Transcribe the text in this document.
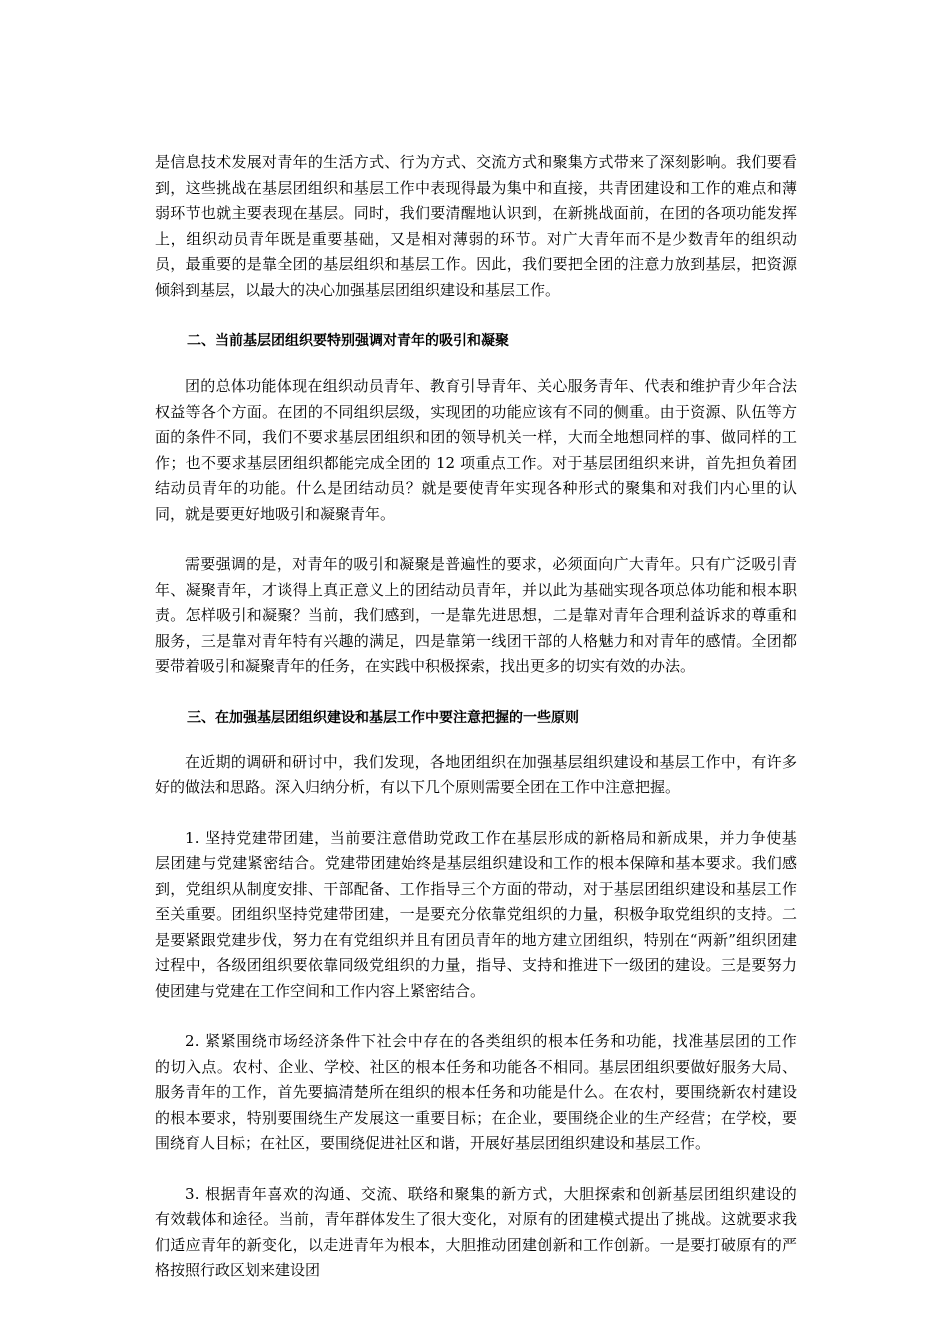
是信息技术发展对青年的生活方式、行为方式、交流方式和聚集方式带来了深刻影响。我们要看到，这些挑战在基层团组织和基层工作中表现得最为集中和直接，共青团建设和工作的难点和薄弱环节也就主要表现在基层。同时，我们要清醒地认识到，在新挑战面前，在团的各项功能发挥上，组织动员青年既是重要基础，又是相对薄弱的环节。对广大青年而不是少数青年的组织动员，最重要的是靠全团的基层组织和基层工作。因此，我们要把全团的注意力放到基层，把资源倾斜到基层，以最大的决心加强基层团组织建设和基层工作。

二、当前基层团组织要特别强调对青年的吸引和凝聚

团的总体功能体现在组织动员青年、教育引导青年、关心服务青年、代表和维护青少年合法权益等各个方面。在团的不同组织层级，实现团的功能应该有不同的侧重。由于资源、队伍等方面的条件不同，我们不要求基层团组织和团的领导机关一样，大而全地想同样的事、做同样的工作；也不要求基层团组织都能完成全团的 12 项重点工作。对于基层团组织来讲，首先担负着团结动员青年的功能。什么是团结动员？就是要使青年实现各种形式的聚集和对我们内心里的认同，就是要更好地吸引和凝聚青年。

需要强调的是，对青年的吸引和凝聚是普遍性的要求，必须面向广大青年。只有广泛吸引青年、凝聚青年，才谈得上真正意义上的团结动员青年，并以此为基础实现各项总体功能和根本职责。怎样吸引和凝聚？当前，我们感到，一是靠先进思想，二是靠对青年合理利益诉求的尊重和服务，三是靠对青年特有兴趣的满足，四是靠第一线团干部的人格魅力和对青年的感情。全团都要带着吸引和凝聚青年的任务，在实践中积极探索，找出更多的切实有效的办法。

三、在加强基层团组织建设和基层工作中要注意把握的一些原则

在近期的调研和研讨中，我们发现，各地团组织在加强基层组织建设和基层工作中，有许多好的做法和思路。深入归纳分析，有以下几个原则需要全团在工作中注意把握。

1. 坚持党建带团建，当前要注意借助党政工作在基层形成的新格局和新成果，并力争使基层团建与党建紧密结合。党建带团建始终是基层组织建设和工作的根本保障和基本要求。我们感到，党组织从制度安排、干部配备、工作指导三个方面的带动，对于基层团组织建设和基层工作至关重要。团组织坚持党建带团建，一是要充分依靠党组织的力量，积极争取党组织的支持。二是要紧跟党建步伐，努力在有党组织并且有团员青年的地方建立团组织，特别在“两新”组织团建过程中，各级团组织要依靠同级党组织的力量，指导、支持和推进下一级团的建设。三是要努力使团建与党建在工作空间和工作内容上紧密结合。

2. 紧紧围绕市场经济条件下社会中存在的各类组织的根本任务和功能，找准基层团的工作的切入点。农村、企业、学校、社区的根本任务和功能各不相同。基层团组织要做好服务大局、服务青年的工作，首先要搞清楚所在组织的根本任务和功能是什么。在农村，要围绕新农村建设的根本要求，特别要围绕生产发展这一重要目标；在企业，要围绕企业的生产经营；在学校，要围绕育人目标；在社区，要围绕促进社区和谐，开展好基层团组织建设和基层工作。

3. 根据青年喜欢的沟通、交流、联络和聚集的新方式，大胆探索和创新基层团组织建设的有效载体和途径。当前，青年群体发生了很大变化，对原有的团建模式提出了挑战。这就要求我们适应青年的新变化，以走进青年为根本，大胆推动团建创新和工作创新。一是要打破原有的严格按照行政区划来建设团
